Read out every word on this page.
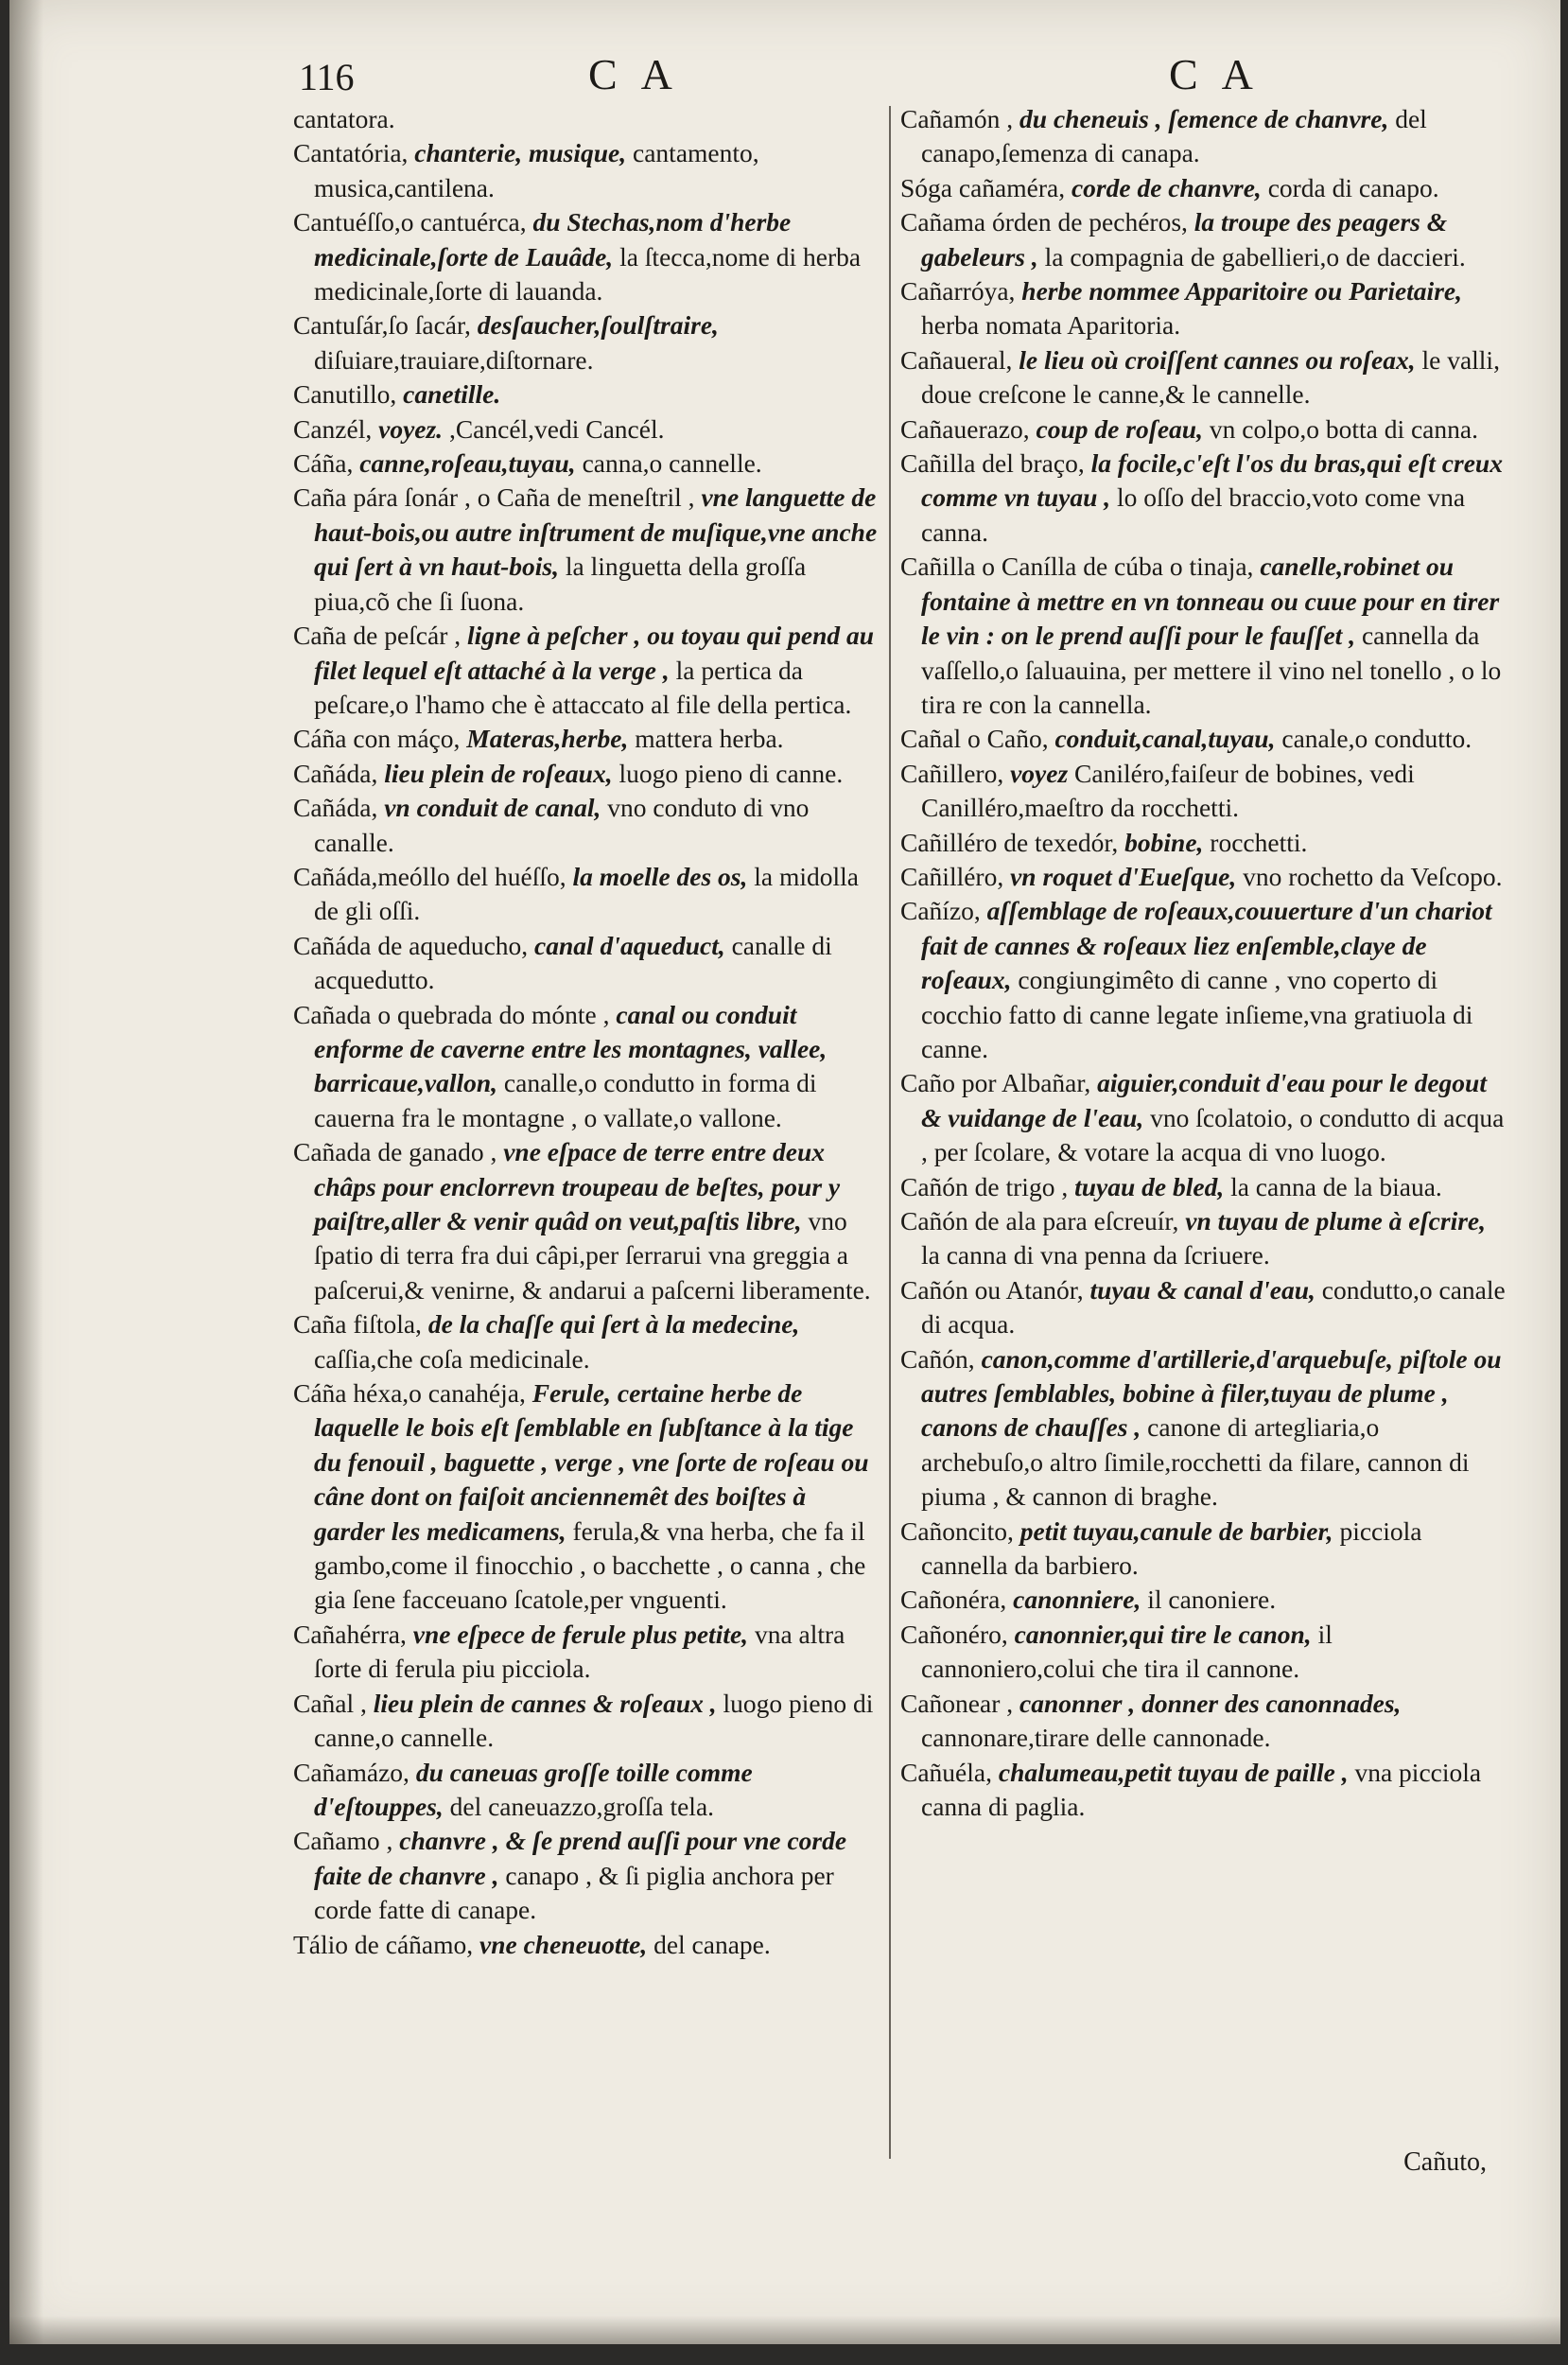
116	C A	C A

cantatora.

Cantatória, chanterie, musique, cantamento, musica,cantilena.

Cantuéſſo,o cantuérca, du Stechas,nom d'herbe medicinale,ſorte de Lauâde, la ſtecca,nome di herba medicinale,ſorte di lauanda.

Cantuſár,ſo ſacár, desſaucher,ſoulſtraire, diſuiare,trauiare,diſtornare.

Canutillo, canetille.

Canzél, voyez. ,Cancél,vedi Cancél.

Cáña, canne,roſeau,tuyau, canna,o cannelle.

Caña pára ſonár , o Caña de meneſtril , vne languette de haut-bois,ou autre inſtrument de muſique,vne anche qui ſert à vn haut-bois, la linguetta della groſſa piua,cõ che ſi ſuona.

Caña de peſcár , ligne à peſcher , ou toyau qui pend au filet lequel eſt attaché à la verge , la pertica da peſcare,o l'hamo che è attaccato al file della pertica.

Cáña con máço, Materas,herbe, mattera herba.

Cañáda, lieu plein de roſeaux, luogo pieno di canne.

Cañáda, vn conduit de canal, vno conduto di vno canalle.

Cañáda,meóllo del huéſſo, la moelle des os, la midolla de gli oſſi.

Cañáda de aqueducho, canal d'aqueduct, canalle di acquedutto.

Cañada o quebrada do mónte , canal ou conduit enforme de caverne entre les montagnes, vallee, barricaue,vallon, canalle,o condutto in forma di cauerna fra le montagne , o vallate,o vallone.

Cañada de ganado , vne eſpace de terre entre deux châps pour enclorrevn troupeau de beſtes, pour y paiſtre,aller & venir quâd on veut,paſtis libre, vno ſpatio di terra fra dui câpi,per ſerrarui vna greggia a paſcerui,& venirne, & andarui a paſcerni liberamente.

Caña fiſtola, de la chaſſe qui ſert à la medecine, caſſia,che coſa medicinale.

Cáña héxa,o canahéja, Ferule, certaine herbe de laquelle le bois eſt ſemblable en ſubſtance à la tige du fenouil , baguette , verge , vne ſorte de roſeau ou câne dont on faiſoit anciennemêt des boiſtes à garder les medicamens, ferula,& vna herba, che fa il gambo,come il finocchio , o bacchette , o canna , che gia ſene facceuano ſcatole,per vnguenti.

Cañahérra, vne eſpece de ferule plus petite, vna altra ſorte di ferula piu picciola.

Cañal , lieu plein de cannes & roſeaux , luogo pieno di canne,o cannelle.

Cañamázo, du caneuas groſſe toille comme d'eſtouppes, del caneuazzo,groſſa tela.

Cañamo , chanvre , & ſe prend auſſi pour vne corde faite de chanvre , canapo , & ſi piglia anchora per corde fatte di canape.

Tálio de cáñamo, vne cheneuotte, del canape.

Cañamón , du cheneuis , ſemence de chanvre, del canapo,ſemenza di canapa.

Sóga cañaméra, corde de chanvre, corda di canapo.

Cañama órden de pechéros, la troupe des peagers & gabeleurs , la compagnia de gabellieri,o de daccieri.

Cañarróya, herbe nommee Apparitoire ou Parietaire, herba nomata Aparitoria.

Cañaueral, le lieu où croiſſent cannes ou roſeax, le valli, doue creſcone le canne,& le cannelle.

Cañauerazo, coup de roſeau, vn colpo,o botta di canna.

Cañilla del braço, la focile,c'eſt l'os du bras,qui eſt creux comme vn tuyau , lo oſſo del braccio,voto come vna canna.

Cañilla o Canílla de cúba o tinaja, canelle,robinet ou fontaine à mettre en vn tonneau ou cuue pour en tirer le vin : on le prend auſſi pour le fauſſet , cannella da vaſſello,o ſaluauina, per mettere il vino nel tonello , o lo tira re con la cannella.

Cañal o Caño, conduit,canal,tuyau, canale,o condutto.

Cañillero, voyez Caniléro,faiſeur de bobines, vedi Canilléro,maeſtro da rocchetti.

Cañilléro de texedór, bobine, rocchetti.

Cañilléro, vn roquet d'Eueſque, vno rochetto da Veſcopo.

Cañízo, aſſemblage de roſeaux,couuerture d'un chariot fait de cannes & roſeaux liez enſemble,claye de roſeaux, congiungimêto di canne , vno coperto di cocchio fatto di canne legate inſieme,vna gratiuola di canne.

Caño por Albañar, aiguier,conduit d'eau pour le degout & vuidange de l'eau, vno ſcolatoio, o condutto di acqua , per ſcolare, & votare la acqua di vno luogo.

Cañón de trigo , tuyau de bled, la canna de la biaua.

Cañón de ala para eſcreuír, vn tuyau de plume à eſcrire, la canna di vna penna da ſcriuere.

Cañón ou Atanór, tuyau & canal d'eau, condutto,o canale di acqua.

Cañón, canon,comme d'artillerie,d'arquebuſe, piſtole ou autres ſemblables, bobine à filer,tuyau de plume , canons de chauſſes , canone di artegliaria,o archebuſo,o altro ſimile,rocchetti da filare, cannon di piuma , & cannon di braghe.

Cañoncito, petit tuyau,canule de barbier, picciola cannella da barbiero.

Cañonéra, canonniere, il canoniere.

Cañonéro, canonnier,qui tire le canon, il cannoniero,colui che tira il cannone.

Cañonear , canonner , donner des canonnades, cannonare,tirare delle cannonade.

Cañuéla, chalumeau,petit tuyau de paille , vna picciola canna di paglia.

Cañuto,
